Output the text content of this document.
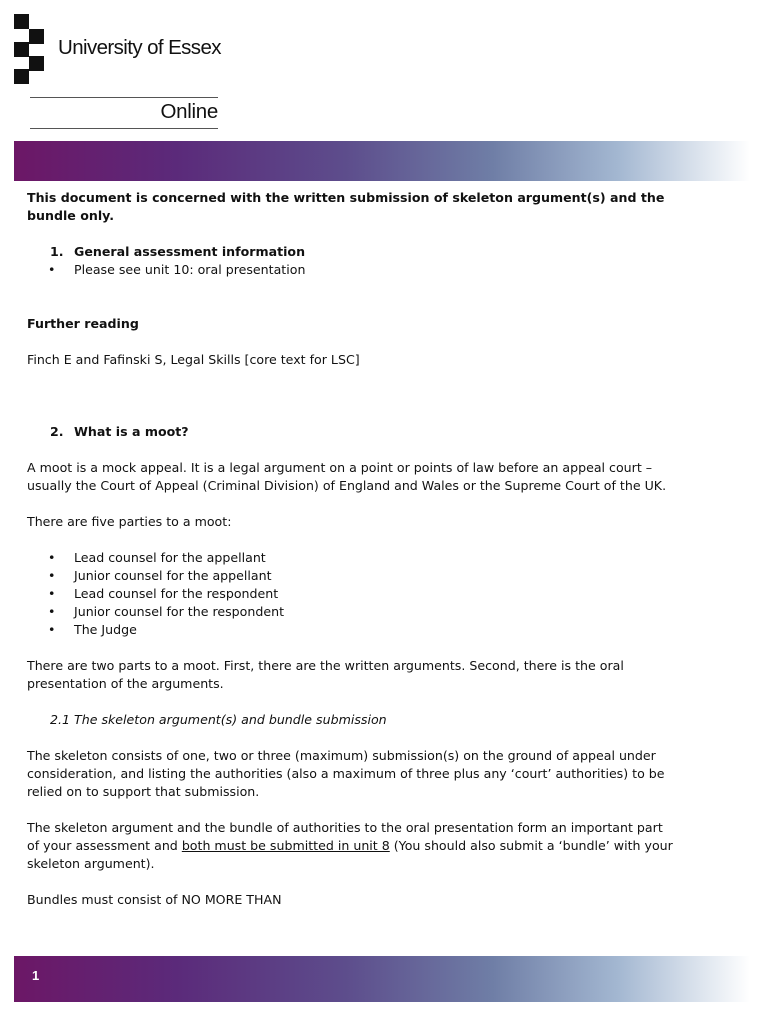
University of Essex
Online

This document is concerned with the written submission of skeleton argument(s) and the bundle only.

1. General assessment information
• Please see unit 10: oral presentation

Further reading

Finch E and Fafinski S, Legal Skills [core text for LSC]

2. What is a moot?

A moot is a mock appeal. It is a legal argument on a point or points of law before an appeal court – usually the Court of Appeal (Criminal Division) of England and Wales or the Supreme Court of the UK.

There are five parties to a moot:

• Lead counsel for the appellant
• Junior counsel for the appellant
• Lead counsel for the respondent
• Junior counsel for the respondent
• The Judge

There are two parts to a moot. First, there are the written arguments. Second, there is the oral presentation of the arguments.

2.1 The skeleton argument(s) and bundle submission

The skeleton consists of one, two or three (maximum) submission(s) on the ground of appeal under consideration, and listing the authorities (also a maximum of three plus any ‘court’ authorities) to be relied on to support that submission.

The skeleton argument and the bundle of authorities to the oral presentation form an important part of your assessment and both must be submitted in unit 8 (You should also submit a ‘bundle’ with your skeleton argument).

Bundles must consist of NO MORE THAN

1
